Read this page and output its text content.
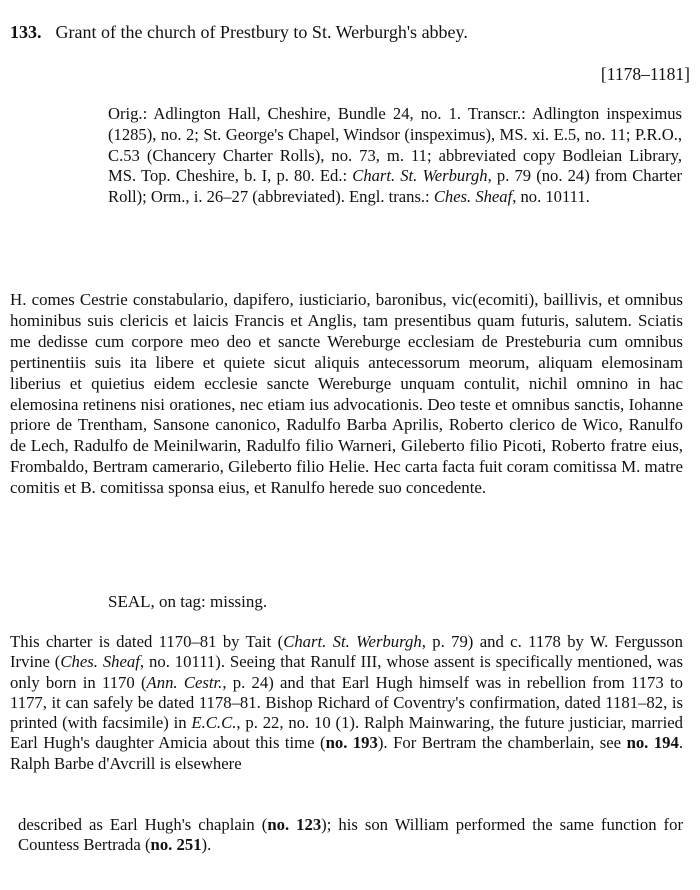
133. Grant of the church of Prestbury to St. Werburgh's abbey.
[1178–1181]

Orig.: Adlington Hall, Cheshire, Bundle 24, no. 1. Transcr.: Adlington inspeximus (1285), no. 2; St. George's Chapel, Windsor (inspeximus), MS. xi. E.5, no. 11; P.R.O., C.53 (Chancery Charter Rolls), no. 73, m. 11; abbreviated copy Bodleian Library, MS. Top. Cheshire, b. I, p. 80. Ed.: Chart. St. Werburgh, p. 79 (no. 24) from Charter Roll); Orm., i. 26–27 (abbreviated). Engl. trans.: Ches. Sheaf, no. 10111.

H. comes Cestrie constabulario, dapifero, iusticiario, baronibus, vic(ecomiti), baillivis, et omnibus hominibus suis clericis et laicis Francis et Anglis, tam presentibus quam futuris, salutem. Sciatis me dedisse cum corpore meo deo et sancte Wereburge ecclesiam de Presteburia cum omnibus pertinentiis suis ita libere et quiete sicut aliquis antecessorum meorum, aliquam elemosinam liberius et quietius eidem ecclesie sancte Wereburge unquam contulit, nichil omnino in hac elemosina retinens nisi orationes, nec etiam ius advocationis. Deo teste et omnibus sanctis, Iohanne priore de Trentham, Sansone canonico, Radulfo Barba Aprilis, Roberto clerico de Wico, Ranulfo de Lech, Radulfo de Meinilwarin, Radulfo filio Warneri, Gileberto filio Picoti, Roberto fratre eius, Frombaldo, Bertram camerario, Gileberto filio Helie. Hec carta facta fuit coram comitissa M. matre comitis et B. comitissa sponsa eius, et Ranulfo herede suo concedente.

SEAL, on tag: missing.

This charter is dated 1170–81 by Tait (Chart. St. Werburgh, p. 79) and c. 1178 by W. Fergusson Irvine (Ches. Sheaf, no. 10111). Seeing that Ranulf III, whose assent is specifically mentioned, was only born in 1170 (Ann. Cestr., p. 24) and that Earl Hugh himself was in rebellion from 1173 to 1177, it can safely be dated 1178–81. Bishop Richard of Coventry's confirmation, dated 1181–82, is printed (with facsimile) in E.C.C., p. 22, no. 10 (1). Ralph Mainwaring, the future justiciar, married Earl Hugh's daughter Amicia about this time (no. 193). For Bertram the chamberlain, see no. 194. Ralph Barbe d'Avcrill is elsewhere

described as Earl Hugh's chaplain (no. 123); his son William performed the same function for Countess Bertrada (no. 251).
